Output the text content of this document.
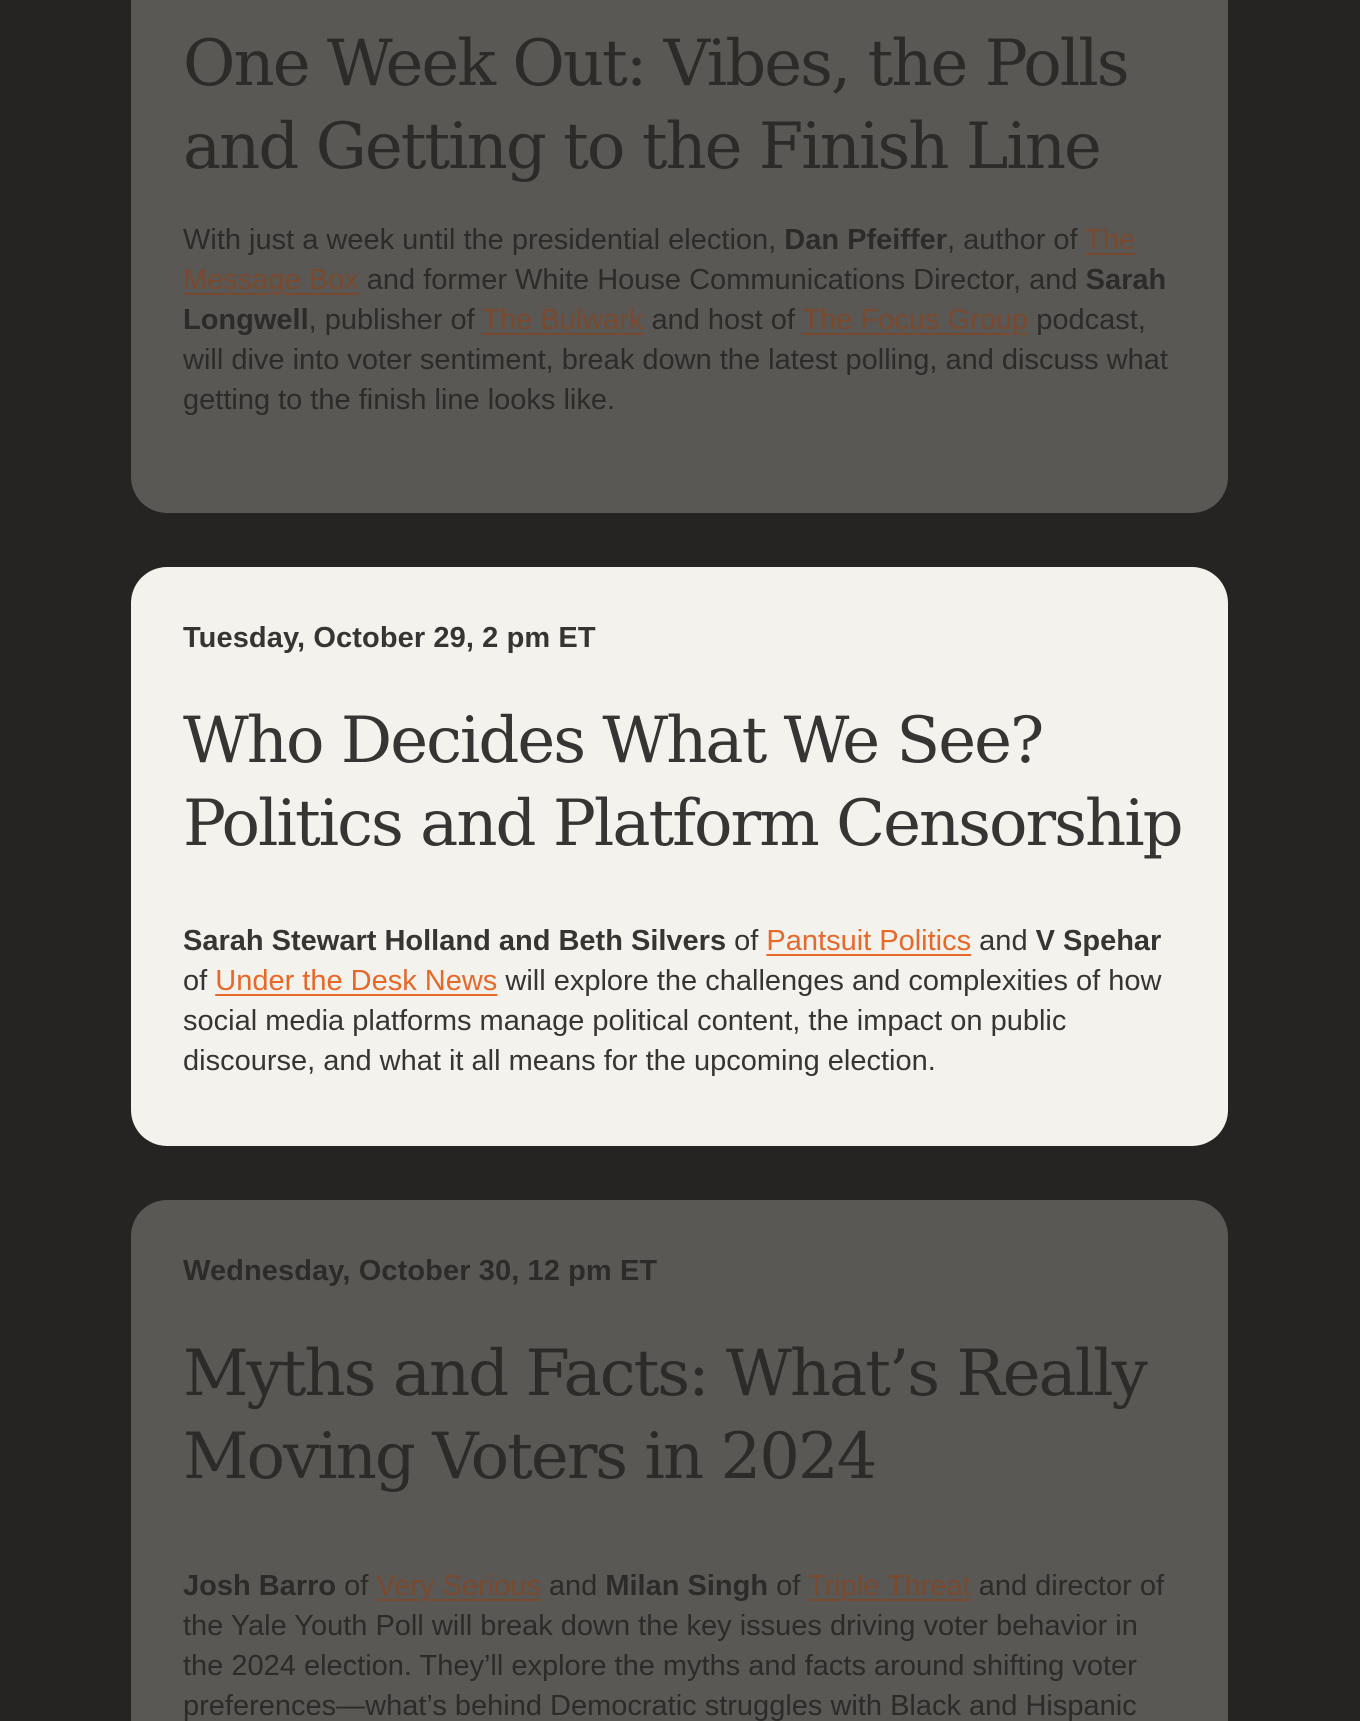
One Week Out: Vibes, the Polls and Getting to the Finish Line

With just a week until the presidential election, Dan Pfeiffer, author of The Message Box and former White House Communications Director, and Sarah Longwell, publisher of The Bulwark and host of The Focus Group podcast, will dive into voter sentiment, break down the latest polling, and discuss what getting to the finish line looks like.

Tuesday, October 29, 2 pm ET

Who Decides What We See? Politics and Platform Censorship

Sarah Stewart Holland and Beth Silvers of Pantsuit Politics and V Spehar of Under the Desk News will explore the challenges and complexities of how social media platforms manage political content, the impact on public discourse, and what it all means for the upcoming election.

Wednesday, October 30, 12 pm ET

Myths and Facts: What’s Really Moving Voters in 2024

Josh Barro of Very Serious and Milan Singh of Triple Threat and director of the Yale Youth Poll will break down the key issues driving voter behavior in the 2024 election. They’ll explore the myths and facts around shifting voter preferences—what’s behind Democratic struggles with Black and Hispanic
